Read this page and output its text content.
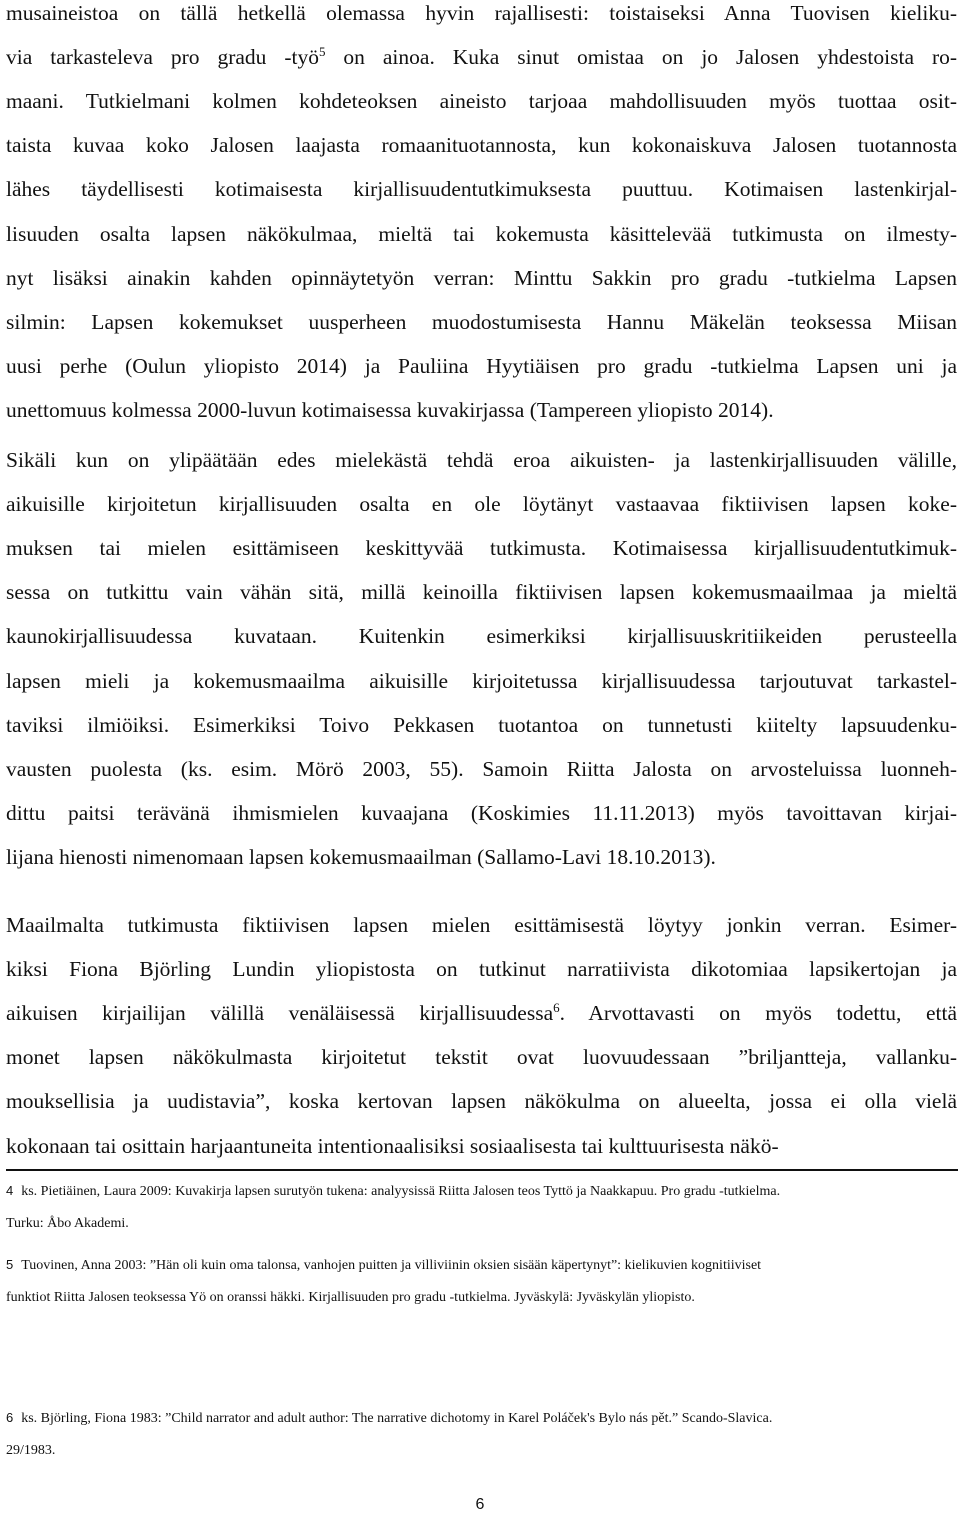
musaineistoa on tällä hetkellä olemassa hyvin rajallisesti: toistaiseksi Anna Tuovisen kieliku-
via tarkasteleva pro gradu -työ$^5$ on ainoa. Kuka sinut omistaa on jo Jalosen yhdestoista ro-
maani. Tutkielmani kolmen kohdeteoksen aineisto tarjoaa mahdollisuuden myös tuottaa osit-
taista kuvaa koko Jalosen laajasta romaanituotannosta, kun kokonaiskuva Jalosen tuotannosta
lähes täydellisesti kotimaisesta kirjallisuudentutkimuksesta puuttuu. Kotimaisen lastenkirjal-
lisuuden osalta lapsen näkökulmaa, mieltä tai kokemusta käsittelevää tutkimusta on ilmesty-
nyt lisäksi ainakin kahden opinnäytetyön verran: Minttu Sakkin pro gradu -tutkielma Lapsen
silmin: Lapsen kokemukset uusperheen muodostumisesta Hannu Mäkelän teoksessa Miisan
uusi perhe (Oulun yliopisto 2014) ja Pauliina Hyytiäisen pro gradu -tutkielma Lapsen uni ja
unettomuus kolmessa 2000-luvun kotimaisessa kuvakirjassa (Tampereen yliopisto 2014).
Sikäli kun on ylipäätään edes mielekästä tehdä eroa aikuisten- ja lastenkirjallisuuden välille,
aikuisille kirjoitetun kirjallisuuden osalta en ole löytänyt vastaavaa fiktiivisen lapsen koke-
muksen tai mielen esittämiseen keskittyvää tutkimusta. Kotimaisessa kirjallisuudentutkimuk-
sessa on tutkittu vain vähän sitä, millä keinoilla fiktiivisen lapsen kokemusmaailmaa ja mieltä
kaunokirjallisuudessa kuvataan. Kuitenkin esimerkiksi kirjallisuuskritiikeiden perusteella
lapsen mieli ja kokemusmaailma aikuisille kirjoitetussa kirjallisuudessa tarjoutuvat tarkastel-
taviksi ilmiöiksi. Esimerkiksi Toivo Pekkasen tuotantoa on tunnetusti kiitelty lapsuudenku-
vausten puolesta (ks. esim. Mörö 2003, 55). Samoin Riitta Jalosta on arvosteluissa luonneh-
dittu paitsi terävänä ihmismielen kuvaajana (Koskimies 11.11.2013) myös tavoittavan kirjai-
lijana hienosti nimenomaan lapsen kokemusmaailman (Sallamo-Lavi 18.10.2013).
Maailmalta tutkimusta fiktiivisen lapsen mielen esittämisestä löytyy jonkin verran. Esimer-
kiksi Fiona Björling Lundin yliopistosta on tutkinut narratiivista dikotomiaa lapsikertojan ja
aikuisen kirjailijan välillä venäläisessä kirjallisuudessa$^6$. Arvottavasti on myös todettu, että
monet lapsen näkökulmasta kirjoitetut tekstit ovat luovuudessaan ”briljantteja, vallanku-
mouksellisia ja uudistavia”, koska kertovan lapsen näkökulma on alueelta, jossa ei olla vielä
kokonaan tai osittain harjaantuneita intentionaalisiksi sosiaalisesta tai kulttuurisesta näkö-
4 ks. Pietiäinen, Laura 2009: Kuvakirja lapsen surutyön tukena: analyysissä Riitta Jalosen teos Tyttö ja Naakkapuu. Pro gradu -tutkielma.
Turku: Åbo Akademi.
5 Tuovinen, Anna 2003: ”Hän oli kuin oma talonsa, vanhojen puitten ja villiviinin oksien sisään käpertynyt”: kielikuvien kognitiiviset
funktiot Riitta Jalosen teoksessa Yö on oranssi häkki. Kirjallisuuden pro gradu -tutkielma. Jyväskylä: Jyväskylän yliopisto.
6 ks. Björling, Fiona 1983: ”Child narrator and adult author: The narrative dichotomy in Karel Poláček's Bylo nás pět.” Scando-Slavica.
29/1983.
6
